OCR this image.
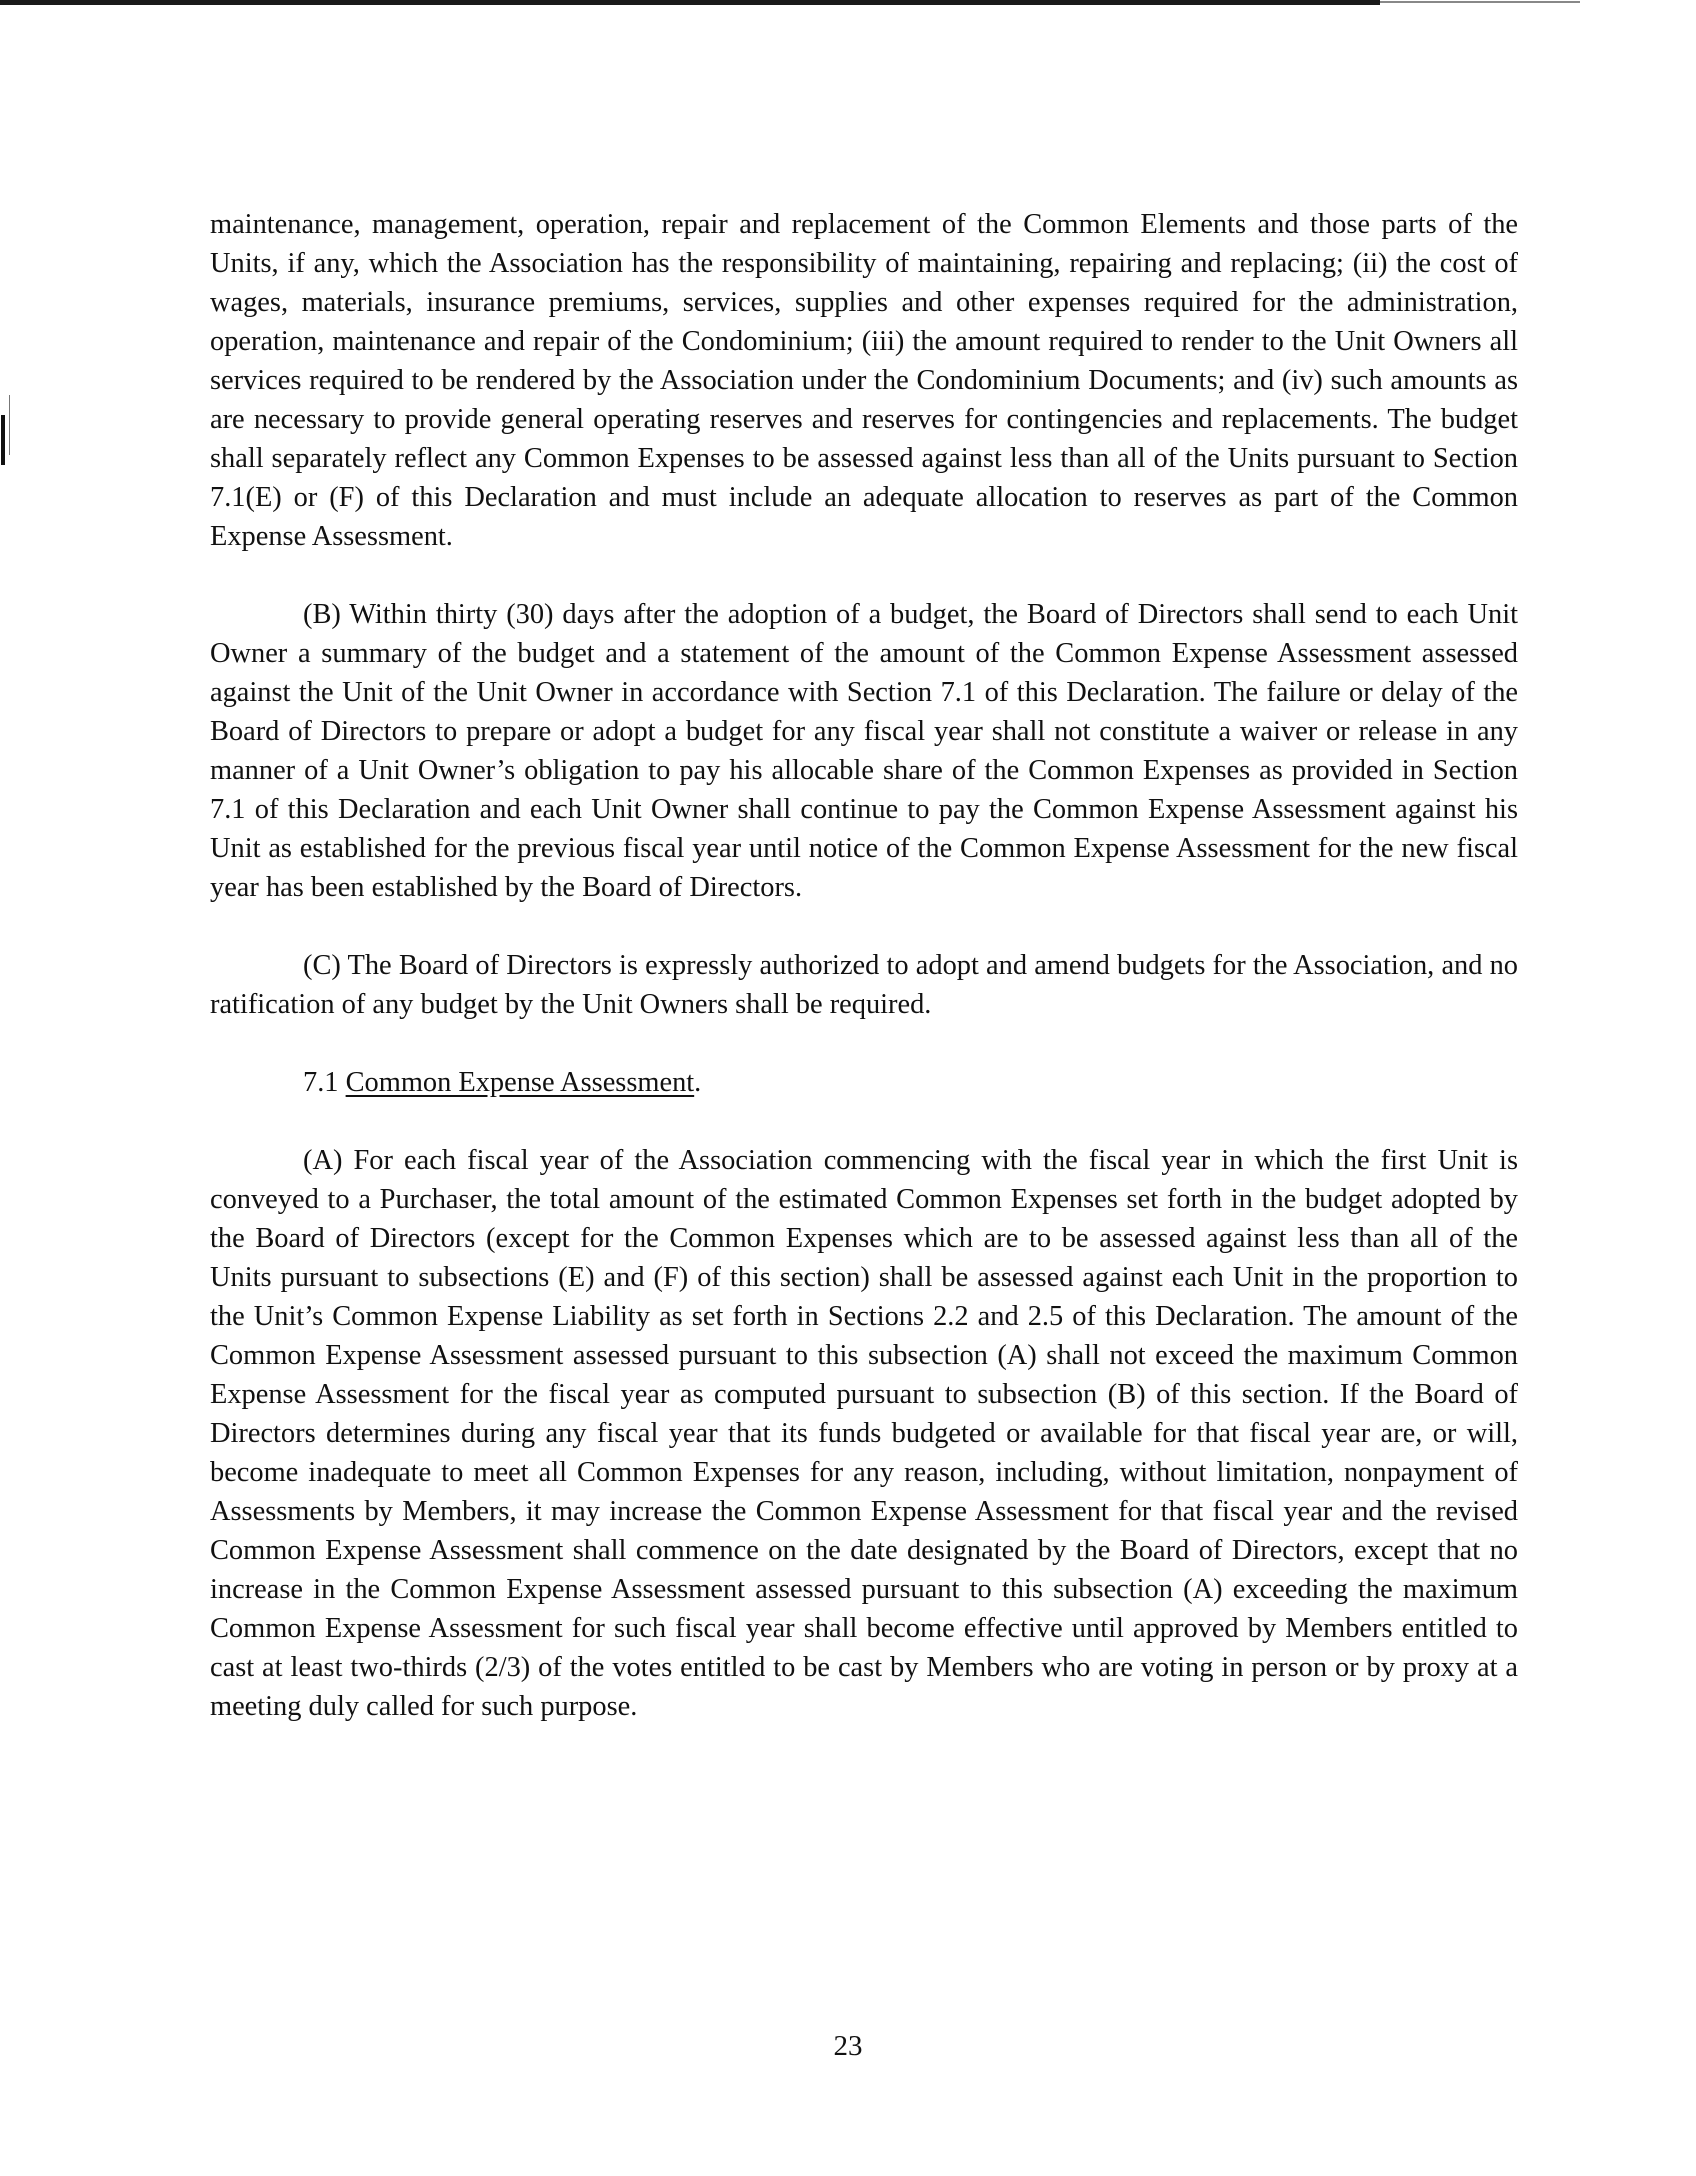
maintenance, management, operation, repair and replacement of the Common Elements and those parts of the Units, if any, which the Association has the responsibility of maintaining, repairing and replacing; (ii) the cost of wages, materials, insurance premiums, services, supplies and other expenses required for the administration, operation, maintenance and repair of the Condominium; (iii) the amount required to render to the Unit Owners all services required to be rendered by the Association under the Condominium Documents; and (iv) such amounts as are necessary to provide general operating reserves and reserves for contingencies and replacements. The budget shall separately reflect any Common Expenses to be assessed against less than all of the Units pursuant to Section 7.1(E) or (F) of this Declaration and must include an adequate allocation to reserves as part of the Common Expense Assessment.

(B) Within thirty (30) days after the adoption of a budget, the Board of Directors shall send to each Unit Owner a summary of the budget and a statement of the amount of the Common Expense Assessment assessed against the Unit of the Unit Owner in accordance with Section 7.1 of this Declaration. The failure or delay of the Board of Directors to prepare or adopt a budget for any fiscal year shall not constitute a waiver or release in any manner of a Unit Owner’s obligation to pay his allocable share of the Common Expenses as provided in Section 7.1 of this Declaration and each Unit Owner shall continue to pay the Common Expense Assessment against his Unit as established for the previous fiscal year until notice of the Common Expense Assessment for the new fiscal year has been established by the Board of Directors.

(C) The Board of Directors is expressly authorized to adopt and amend budgets for the Association, and no ratification of any budget by the Unit Owners shall be required.

7.1 Common Expense Assessment.

(A) For each fiscal year of the Association commencing with the fiscal year in which the first Unit is conveyed to a Purchaser, the total amount of the estimated Common Expenses set forth in the budget adopted by the Board of Directors (except for the Common Expenses which are to be assessed against less than all of the Units pursuant to subsections (E) and (F) of this section) shall be assessed against each Unit in the proportion to the Unit’s Common Expense Liability as set forth in Sections 2.2 and 2.5 of this Declaration. The amount of the Common Expense Assessment assessed pursuant to this subsection (A) shall not exceed the maximum Common Expense Assessment for the fiscal year as computed pursuant to subsection (B) of this section. If the Board of Directors determines during any fiscal year that its funds budgeted or available for that fiscal year are, or will, become inadequate to meet all Common Expenses for any reason, including, without limitation, nonpayment of Assessments by Members, it may increase the Common Expense Assessment for that fiscal year and the revised Common Expense Assessment shall commence on the date designated by the Board of Directors, except that no increase in the Common Expense Assessment assessed pursuant to this subsection (A) exceeding the maximum Common Expense Assessment for such fiscal year shall become effective until approved by Members entitled to cast at least two-thirds (2/3) of the votes entitled to be cast by Members who are voting in person or by proxy at a meeting duly called for such purpose.

23
